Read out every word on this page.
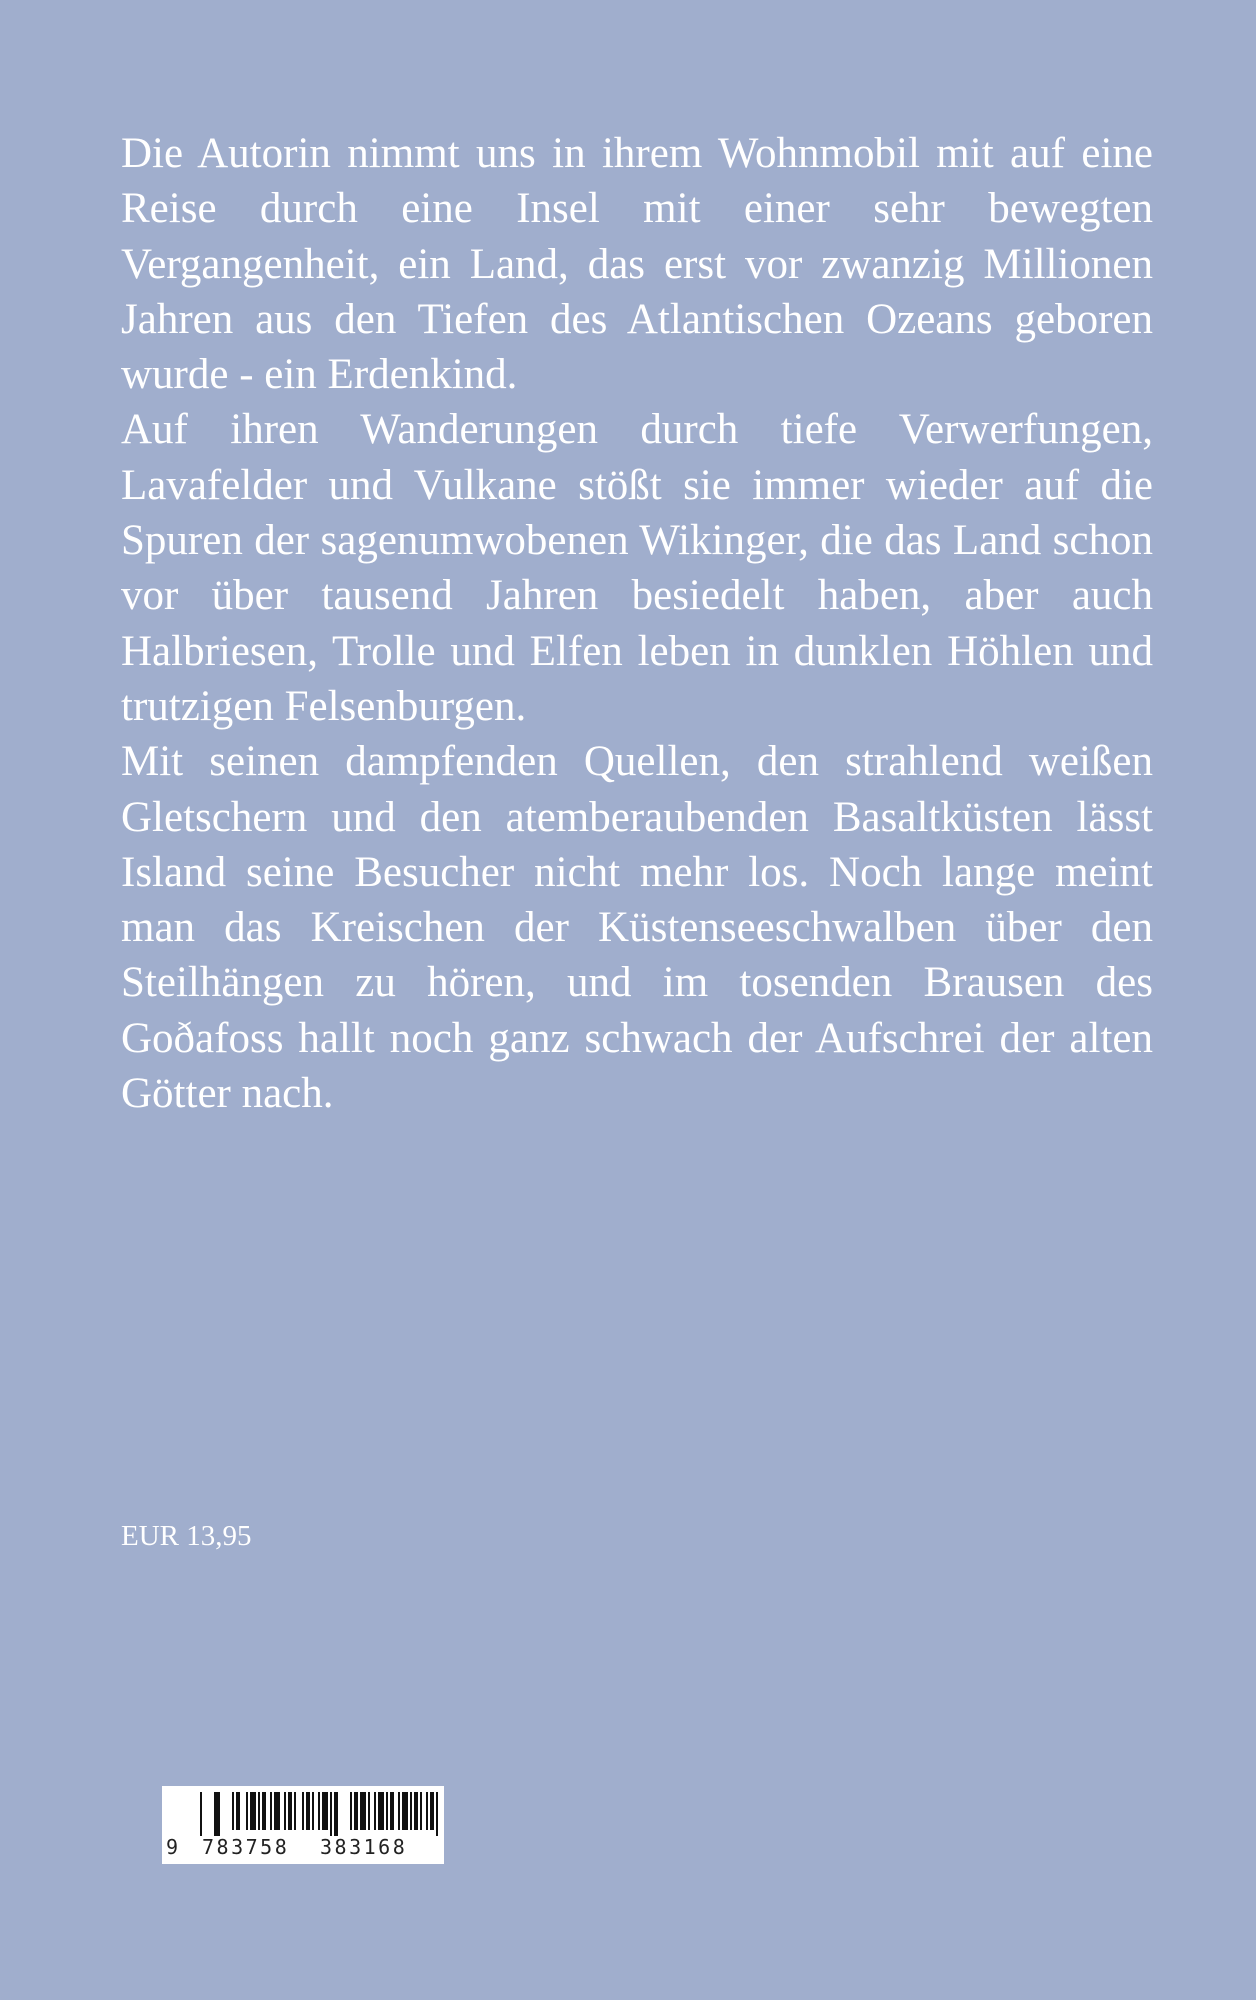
Die Autorin nimmt uns in ihrem Wohnmobil mit auf eine Reise durch eine Insel mit einer sehr bewegten Vergangenheit, ein Land, das erst vor zwanzig Millionen Jahren aus den Tiefen des Atlantischen Ozeans geboren wurde - ein Erdenkind.

Auf ihren Wanderungen durch tiefe Verwerfungen, Lavafelder und Vulkane stößt sie immer wieder auf die Spuren der sagenumwobenen Wikinger, die das Land schon vor über tausend Jahren besiedelt haben, aber auch Halbriesen, Trolle und Elfen leben in dunklen Höhlen und trutzigen Felsenburgen.

Mit seinen dampfenden Quellen, den strahlend weißen Gletschern und den atemberaubenden Basaltküsten lässt Island seine Besucher nicht mehr los. Noch lange meint man das Kreischen der Küstenseeschwalben über den Steilhängen zu hören, und im tosenden Brausen des Goðafoss hallt noch ganz schwach der Aufschrei der alten Götter nach.

EUR 13,95
9 783758 383168
